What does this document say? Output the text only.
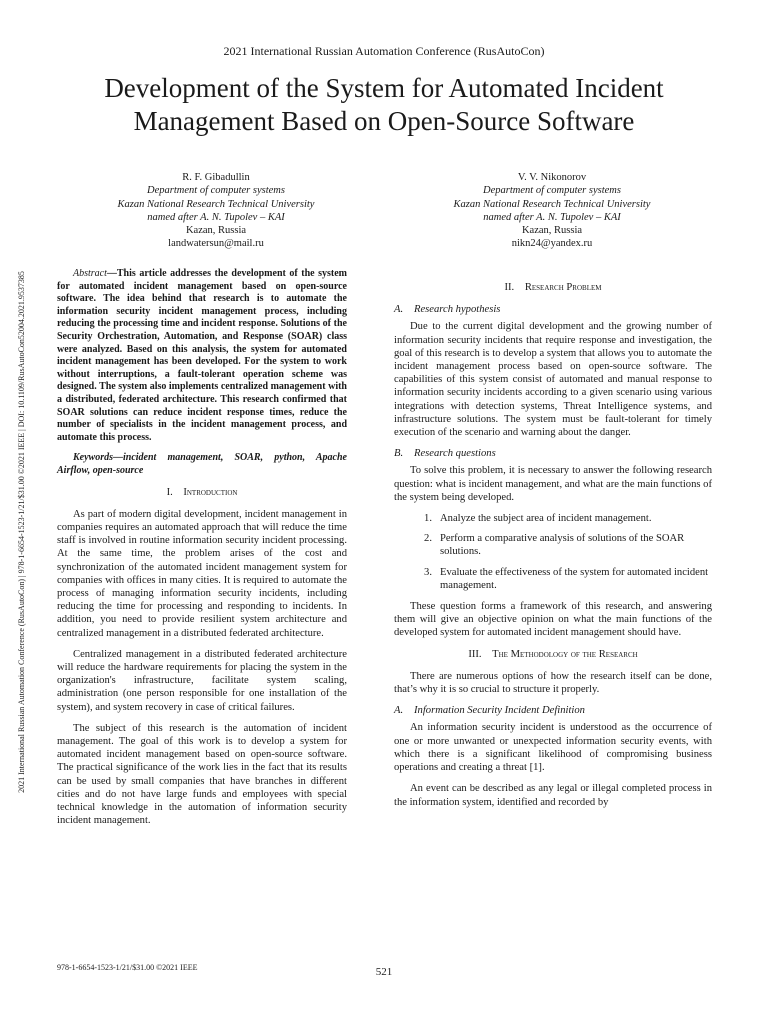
2021 International Russian Automation Conference (RusAutoCon)
Development of the System for Automated Incident
Management Based on Open-Source Software
2021 International Russian Automation Conference (RusAutoCon) | 978-1-6654-1523-1/21/$31.00 ©2021 IEEE | DOI: 10.1109/RusAutoCon52004.2021.9537385
R. F. Gibadullin
Department of computer systems
Kazan National Research Technical University
named after A. N. Tupolev – KAI
Kazan, Russia
landwatersun@mail.ru
V. V. Nikonorov
Department of computer systems
Kazan National Research Technical University
named after A. N. Tupolev – KAI
Kazan, Russia
nikn24@yandex.ru

Abstract—This article addresses the development of the system for automated incident management based on open-source software. The idea behind that research is to automate the information security incident management process, including reducing the processing time and incident response. Solutions of the Security Orchestration, Automation, and Response (SOAR) class were analyzed. Based on this analysis, the system for automated incident management has been developed. For the system to work without interruptions, a fault-tolerant operation scheme was designed. The system also implements centralized management with a distributed, federated architecture. This research confirmed that SOAR solutions can reduce incident response times, reduce the number of specialists in the incident management process, and automate this process.

Keywords—incident management, SOAR, python, Apache Airflow, open-source

I. Introduction

As part of modern digital development, incident management in companies requires an automated approach that will reduce the time staff is involved in routine information security incident processing. At the same time, the problem arises of the cost and synchronization of the automated incident management system for companies with offices in many cities. It is required to automate the process of managing information security incidents, including reducing the time for processing and responding to incidents. In addition, you need to provide resilient system architecture and centralized management in a distributed federated architecture.

Centralized management in a distributed federated architecture will reduce the hardware requirements for placing the system in the organization's infrastructure, facilitate system scaling, administration (one person responsible for one installation of the system), and system recovery in case of critical failures.

The subject of this research is the automation of incident management. The goal of this work is to develop a system for automated incident management based on open-source software. The practical significance of the work lies in the fact that its results can be used by small companies that have branches in different cities and do not have large funds and employees with special technical knowledge in the automation of information security incident management.

II. Research Problem
A. Research hypothesis

Due to the current digital development and the growing number of information security incidents that require response and investigation, the goal of this research is to develop a system that allows you to automate the incident management process based on open-source software. The capabilities of this system consist of automated and manual response to information security incidents according to a given scenario using various integrations with detection systems, Threat Intelligence systems, and infrastructure solutions. The system must be fault-tolerant for timely execution of the scenario and warning about the danger.

B. Research questions

To solve this problem, it is necessary to answer the following research question: what is incident management, and what are the main functions of the system being developed.

1. Analyze the subject area of incident management.
2. Perform a comparative analysis of solutions of the SOAR solutions.
3. Evaluate the effectiveness of the system for automated incident management.

These question forms a framework of this research, and answering them will give an objective opinion on what the main functions of the developed system for automated incident management should have.

III. The Methodology of the Research

There are numerous options of how the research itself can be done, that’s why it is so crucial to structure it properly.

A. Information Security Incident Definition

An information security incident is understood as the occurrence of one or more unwanted or unexpected information security events, with which there is a significant likelihood of compromising business operations and creating a threat [1].

An event can be described as any legal or illegal completed process in the information system, identified and recorded by

978-1-6654-1523-1/21/$31.00 ©2021 IEEE	521
